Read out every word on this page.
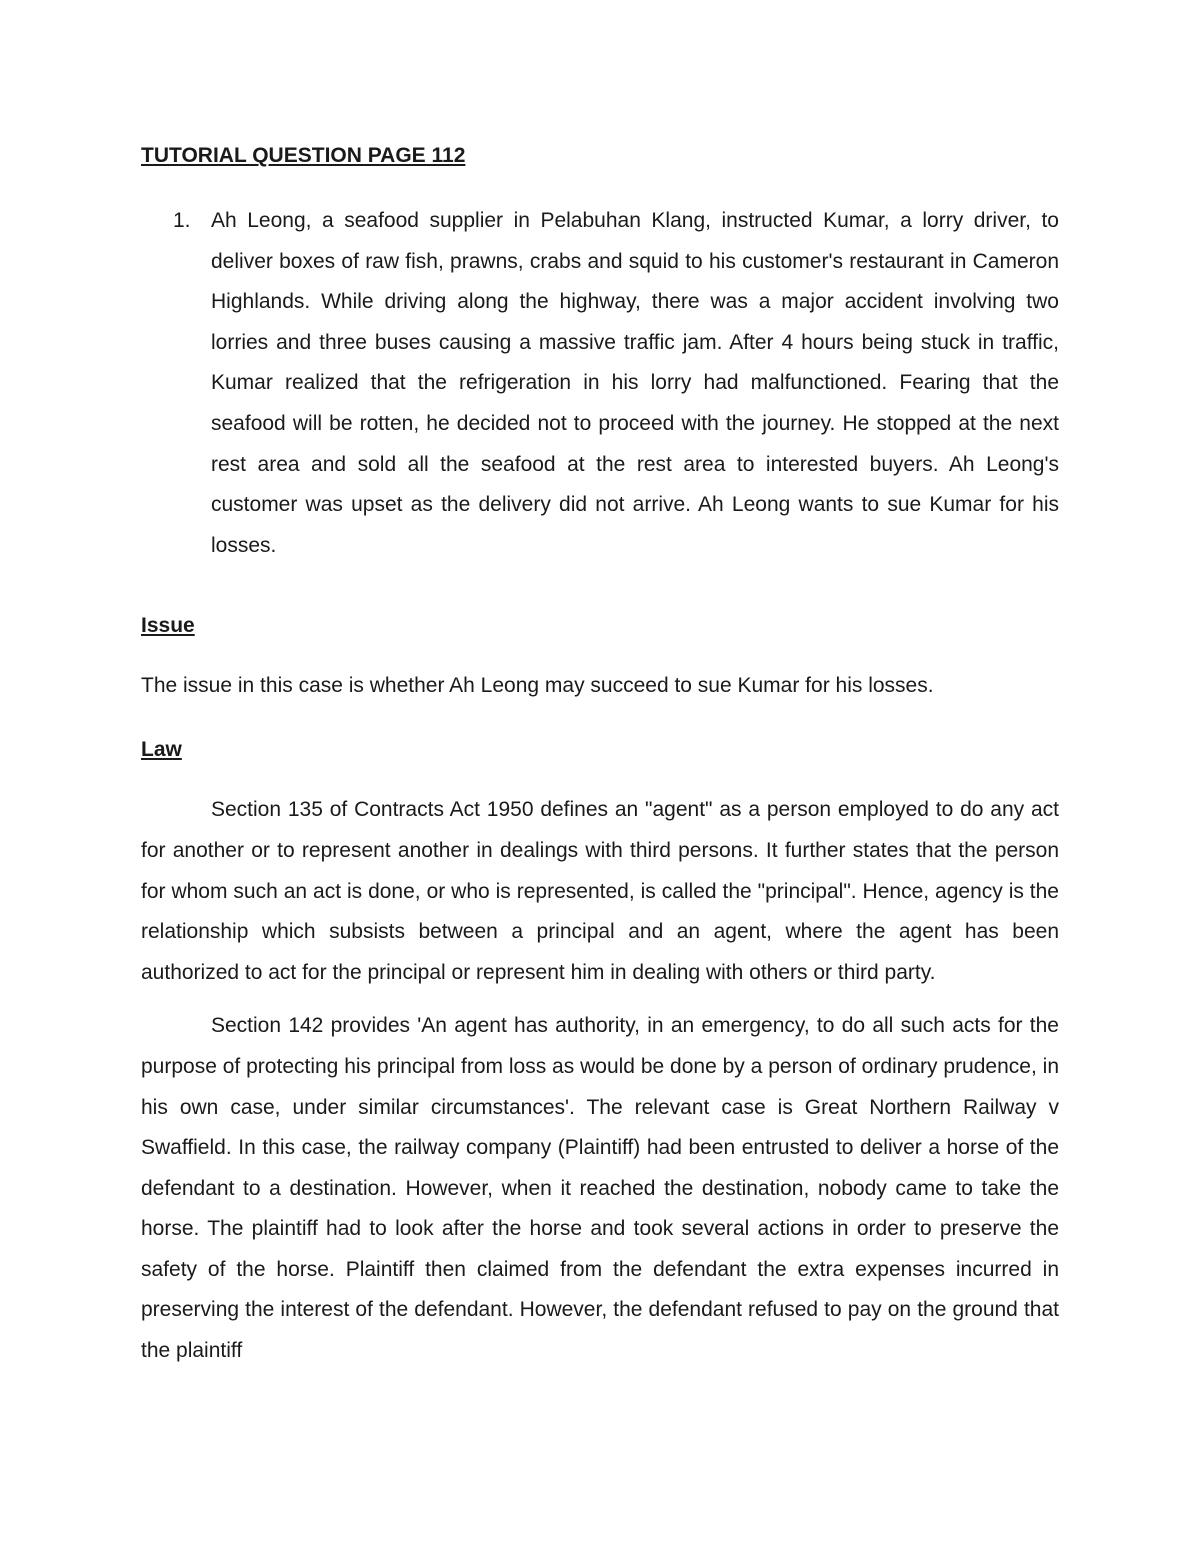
TUTORIAL QUESTION PAGE 112
1. Ah Leong, a seafood supplier in Pelabuhan Klang, instructed Kumar, a lorry driver, to deliver boxes of raw fish, prawns, crabs and squid to his customer's restaurant in Cameron Highlands. While driving along the highway, there was a major accident involving two lorries and three buses causing a massive traffic jam. After 4 hours being stuck in traffic, Kumar realized that the refrigeration in his lorry had malfunctioned. Fearing that the seafood will be rotten, he decided not to proceed with the journey. He stopped at the next rest area and sold all the seafood at the rest area to interested buyers. Ah Leong's customer was upset as the delivery did not arrive. Ah Leong wants to sue Kumar for his losses.

Issue

The issue in this case is whether Ah Leong may succeed to sue Kumar for his losses.

Law

Section 135 of Contracts Act 1950 defines an "agent" as a person employed to do any act for another or to represent another in dealings with third persons. It further states that the person for whom such an act is done, or who is represented, is called the "principal". Hence, agency is the relationship which subsists between a principal and an agent, where the agent has been authorized to act for the principal or represent him in dealing with others or third party.

Section 142 provides 'An agent has authority, in an emergency, to do all such acts for the purpose of protecting his principal from loss as would be done by a person of ordinary prudence, in his own case, under similar circumstances'. The relevant case is Great Northern Railway v Swaffield. In this case, the railway company (Plaintiff) had been entrusted to deliver a horse of the defendant to a destination. However, when it reached the destination, nobody came to take the horse. The plaintiff had to look after the horse and took several actions in order to preserve the safety of the horse. Plaintiff then claimed from the defendant the extra expenses incurred in preserving the interest of the defendant. However, the defendant refused to pay on the ground that the plaintiff
